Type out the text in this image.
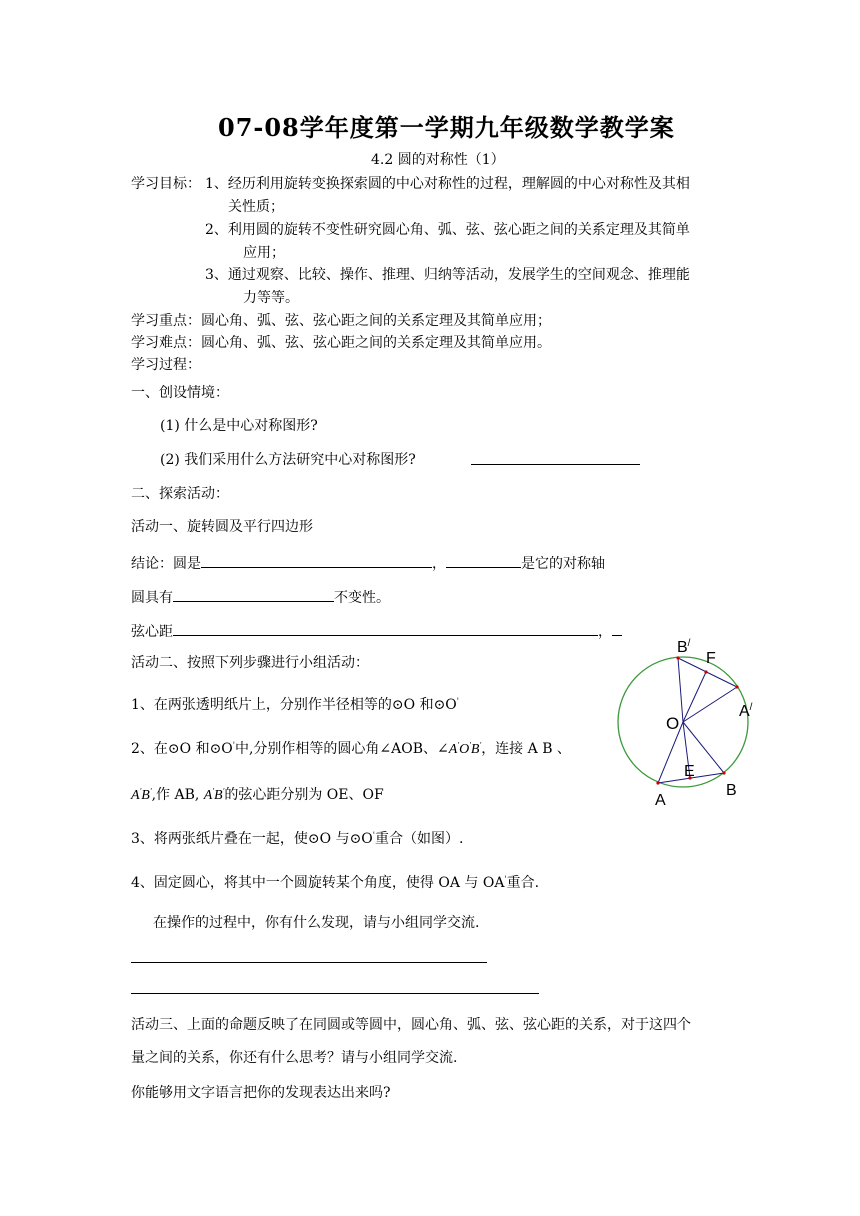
07-08学年度第一学期九年级数学教学案
4.2 圆的对称性（1）
学习目标： 1、经历利用旋转变换探索圆的中心对称性的过程，理解圆的中心对称性及其相
关性质；
2、利用圆的旋转不变性研究圆心角、弧、弦、弦心距之间的关系定理及其简单
应用；
3、通过观察、比较、操作、推理、归纳等活动，发展学生的空间观念、推理能
力等等。
学习重点：圆心角、弧、弦、弦心距之间的关系定理及其简单应用；
学习难点：圆心角、弧、弦、弦心距之间的关系定理及其简单应用。
学习过程：
一、创设情境：
(1) 什么是中心对称图形?
(2) 我们采用什么方法研究中心对称图形?
二、探索活动：
活动一、旋转圆及平行四边形
结论：圆是	，	是它的对称轴
圆具有	不变性。
弦心距	，
活动二、按照下列步骤进行小组活动：
1、在两张透明纸片上，分别作半径相等的⊙O 和⊙O'
2、在⊙O 和⊙O'中,分别作相等的圆心角∠AOB、∠A'O'B'，连接 A B 、
A'B',作 AB, A'B'的弦心距分别为 OE、OF
3、将两张纸片叠在一起，使⊙O 与⊙O'重合（如图）.
4、固定圆心，将其中一个圆旋转某个角度，使得 OA 与 OA'重合.
在操作的过程中，你有什么发现，请与小组同学交流.
活动三、上面的命题反映了在同圆或等圆中，圆心角、弧、弦、弦心距的关系，对于这四个
量之间的关系，你还有什么思考？请与小组同学交流.
你能够用文字语言把你的发现表达出来吗?
B/
F
A/
O
E
A
B
